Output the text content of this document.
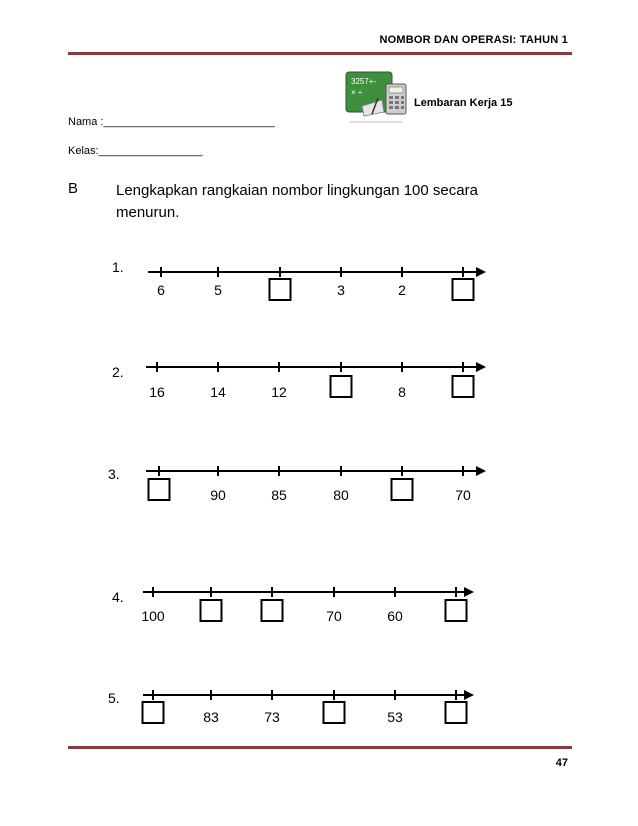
NOMBOR DAN OPERASI: TAHUN 1
3257+-
× ÷
Lembaran Kerja 15
Nama :____________________________
Kelas:_________________
B	Lengkapkan rangkaian nombor lingkungan 100 secara menurun.
1.
6	5	3	2
2.
16	14	12	8
3.
90	85	80	70
4.
100	70	60
5.
83	73	53
47
